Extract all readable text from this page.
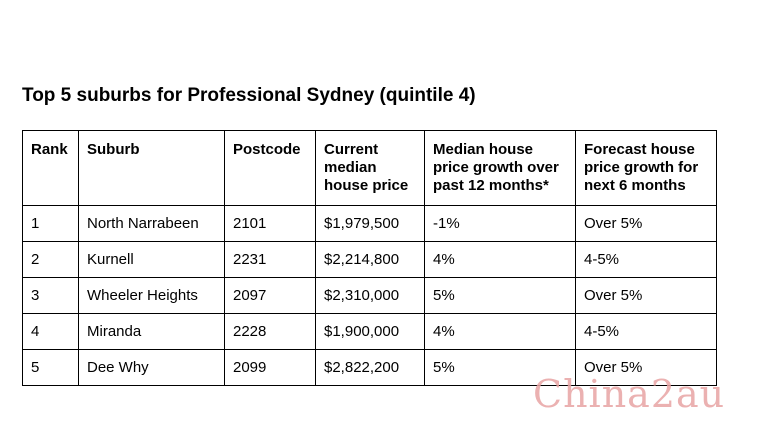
Top 5 suburbs for Professional Sydney (quintile 4)
Rank	Suburb	Postcode	Current median house price	Median house price growth over past 12 months*	Forecast house price growth for next 6 months
1	North Narrabeen	2101	$1,979,500	-1%	Over 5%
2	Kurnell	2231	$2,214,800	4%	4-5%
3	Wheeler Heights	2097	$2,310,000	5%	Over 5%
4	Miranda	2228	$1,900,000	4%	4-5%
5	Dee Why	2099	$2,822,200	5%	Over 5%
China2au
